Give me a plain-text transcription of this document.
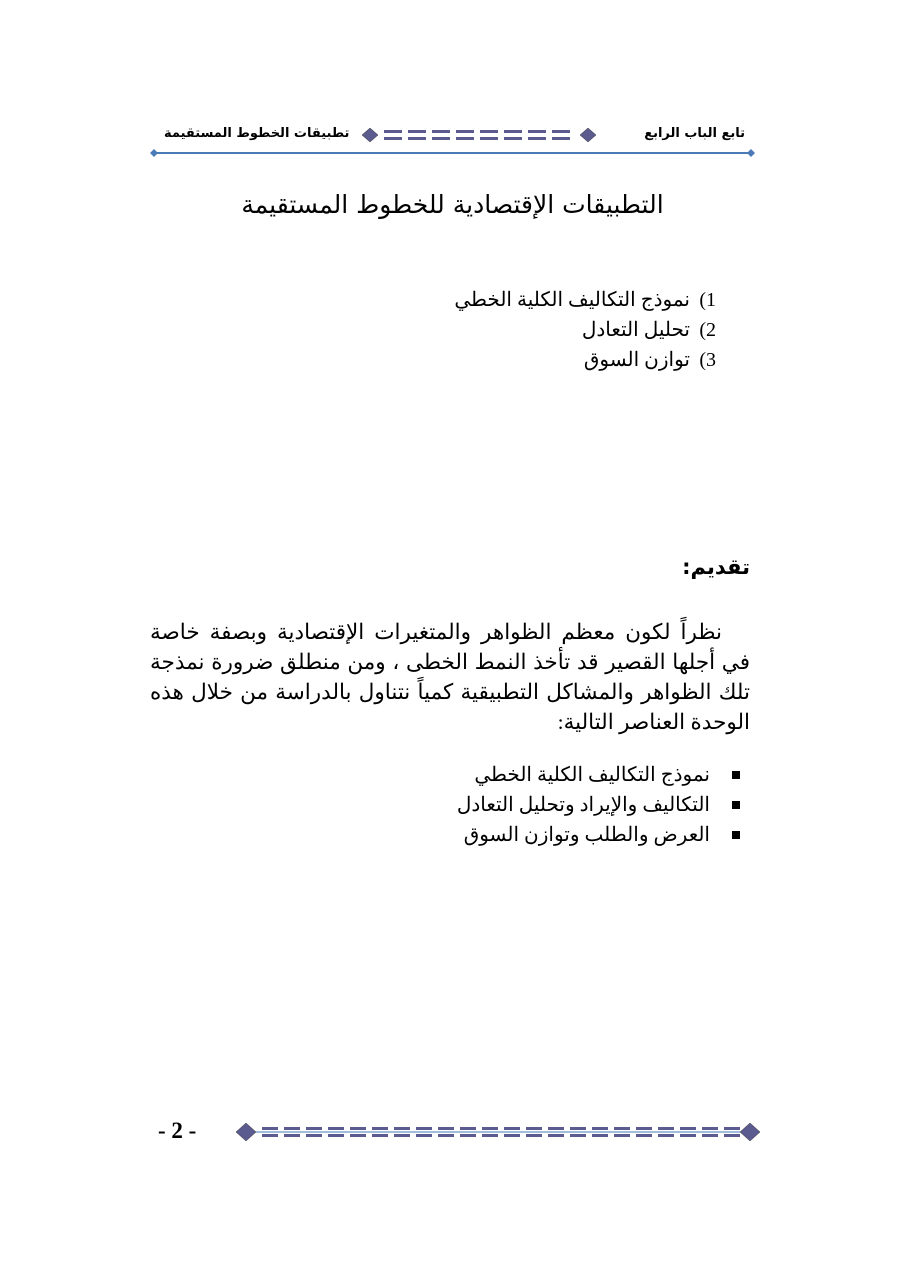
تابع الباب الرابع
تطبيقات الخطوط المستقيمة
التطبيقات الإقتصادية للخطوط المستقيمة
1)
نموذج التكاليف الكلية الخطي
2)
تحليل التعادل
3)
توازن السوق
تقديم:

نظراً لكون معظم الظواهر والمتغيرات الإقتصادية وبصفة خاصة في أجلها القصير قد تأخذ النمط الخطى ، ومن منطلق ضرورة نمذجة تلك الظواهر والمشاكل التطبيقية كمياً نتناول بالدراسة من خلال هذه الوحدة العناصر التالية:

نموذج التكاليف الكلية الخطي
التكاليف والإيراد وتحليل التعادل
العرض والطلب وتوازن السوق
- 2 -
